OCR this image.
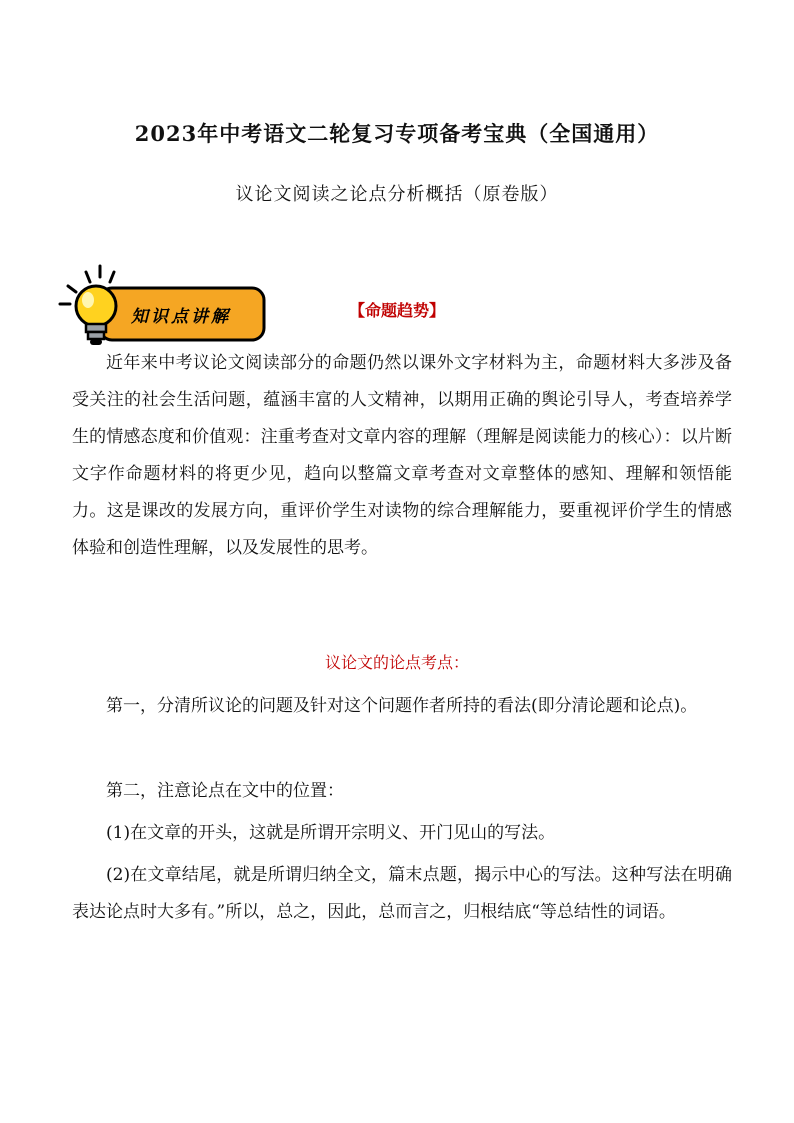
2023年中考语文二轮复习专项备考宝典（全国通用）
议论文阅读之论点分析概括（原卷版）
知识点讲解	【命题趋势】

近年来中考议论文阅读部分的命题仍然以课外文字材料为主，命题材料大多涉及备受关注的社会生活问题，蕴涵丰富的人文精神，以期用正确的舆论引导人，考查培养学生的情感态度和价值观：注重考查对文章内容的理解（理解是阅读能力的核心）：以片断文字作命题材料的将更少见，趋向以整篇文章考查对文章整体的感知、理解和领悟能力。这是课改的发展方向，重评价学生对读物的综合理解能力，要重视评价学生的情感体验和创造性理解，以及发展性的思考。

议论文的论点考点：

第一，分清所议论的问题及针对这个问题作者所持的看法(即分清论题和论点)。

第二，注意论点在文中的位置：

(1)在文章的开头，这就是所谓开宗明义、开门见山的写法。

(2)在文章结尾，就是所谓归纳全文，篇末点题，揭示中心的写法。这种写法在明确表达论点时大多有。”所以，总之，因此，总而言之，归根结底“等总结性的词语。
